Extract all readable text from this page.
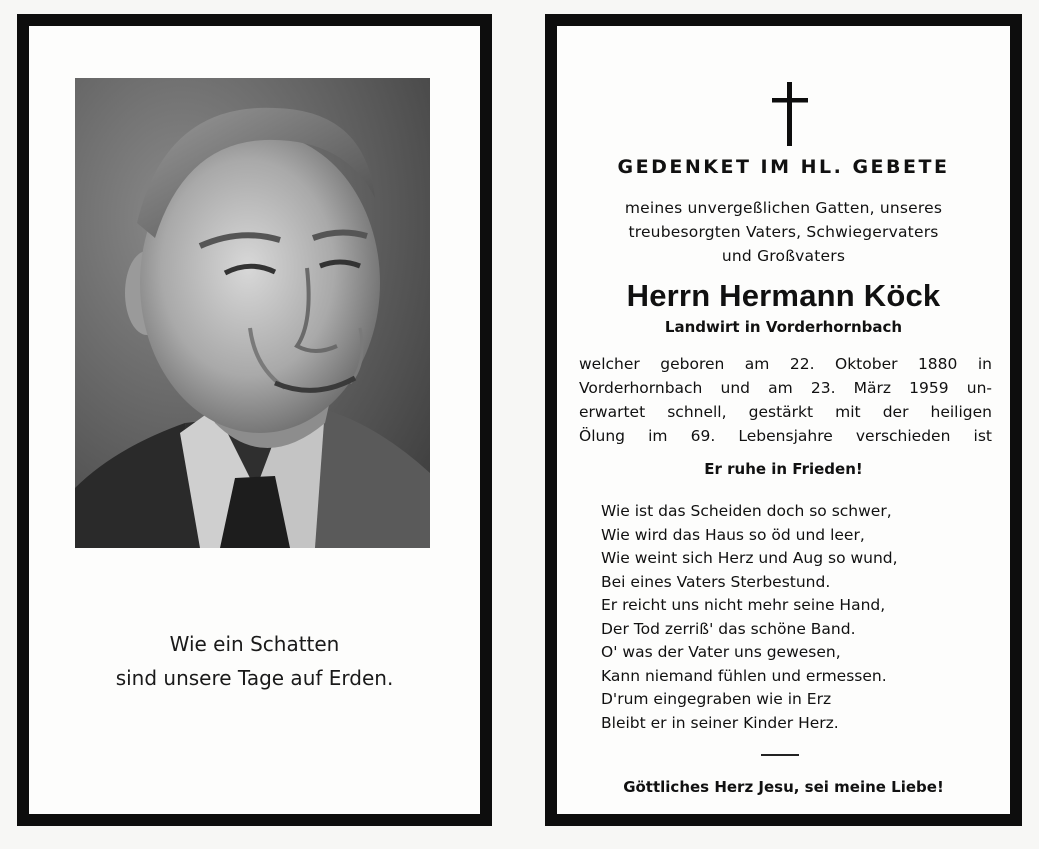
Wie ein Schatten
sind unsere Tage auf Erden.
GEDENKET IM HL. GEBETE
meines unvergeßlichen Gatten, unseres
treubesorgten Vaters, Schwiegervaters
und Großvaters
Herrn Hermann Köck
Landwirt in Vorderhornbach
welcher geboren am 22. Oktober 1880 in
Vorderhornbach und am 23. März 1959 un-
erwartet schnell, gestärkt mit der heiligen
Ölung im 69. Lebensjahre verschieden ist
Er ruhe in Frieden!
Wie ist das Scheiden doch so schwer,
Wie wird das Haus so öd und leer,
Wie weint sich Herz und Aug so wund,
Bei eines Vaters Sterbestund.
Er reicht uns nicht mehr seine Hand,
Der Tod zerriß' das schöne Band.
O' was der Vater uns gewesen,
Kann niemand fühlen und ermessen.
D'rum eingegraben wie in Erz
Bleibt er in seiner Kinder Herz.
Göttliches Herz Jesu, sei meine Liebe!
